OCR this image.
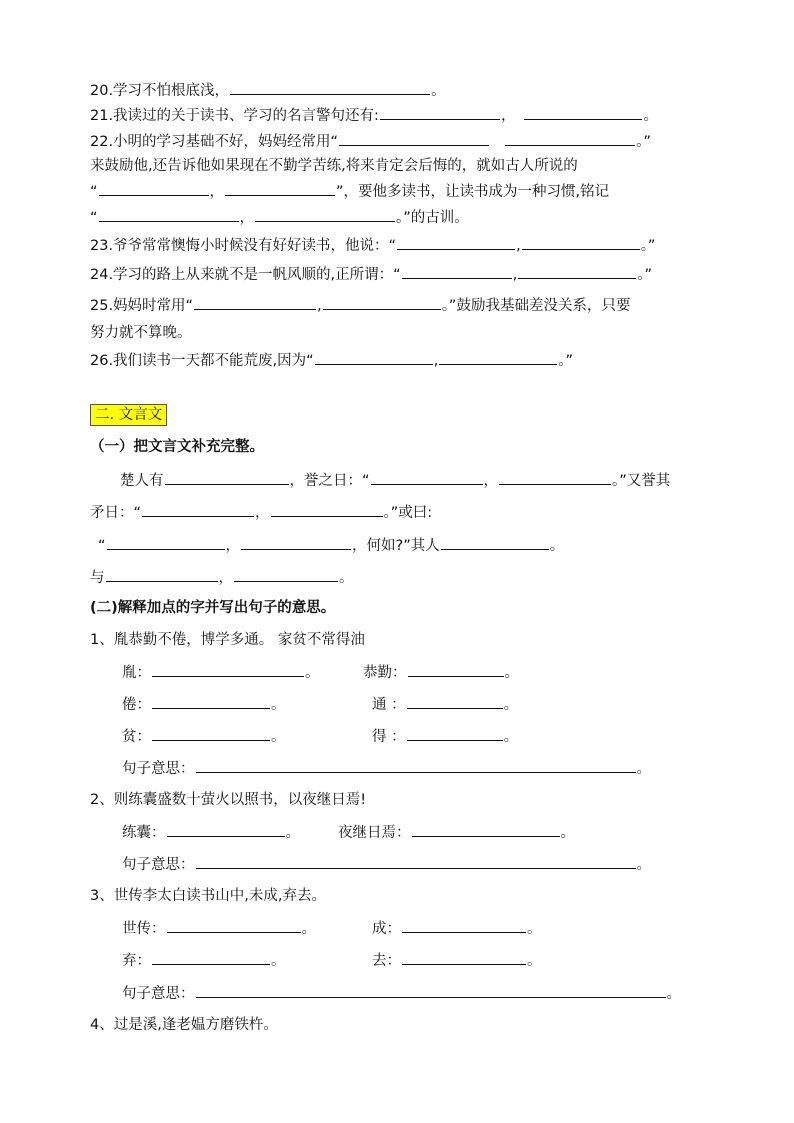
20.学习不怕根底浅，	。
21.我读过的关于读书、学习的名言警句还有:	，	。
22.小明的学习基础不好，妈妈经常用“	。”
来鼓励他,还告诉他如果现在不勤学苦练,将来肯定会后悔的，就如古人所说的
“	，	”，要他多读书，让读书成为一种习惯,铭记
“	，	。”的古训。
23.爷爷常常懊悔小时候没有好好读书，他说：“	,	。”
24.学习的路上从来就不是一帆风顺的,正所谓：“	,	。”
25.妈妈时常用“	,	。”鼓励我基础差没关系，只要
努力就不算晚。
26.我们读书一天都不能荒废,因为“	,	。”
二. 文言文
（一）把文言文补充完整。
楚人有	，誉之日：“	，	。”又誉其
矛日：“	，	。”或曰:
“	，	，何如?”其人	。
与	，	。
(二)解释加点的字并写出句子的意思。
1、胤恭勤不倦，博学多通。 家贫不常得油
胤：	。	恭勤：	。
倦：	。	通 ：	。
贫：	。	得 ：	。
句子意思：	。
2、则练囊盛数十萤火以照书，以夜继日焉!
练囊：	。	夜继日焉：	。
句子意思：	。
3、世传李太白读书山中,未成,弃去。
世传：	。	成：	。
弃：	。	去：	。
句子意思：	。
4、过是溪,逢老媪方磨铁杵。
